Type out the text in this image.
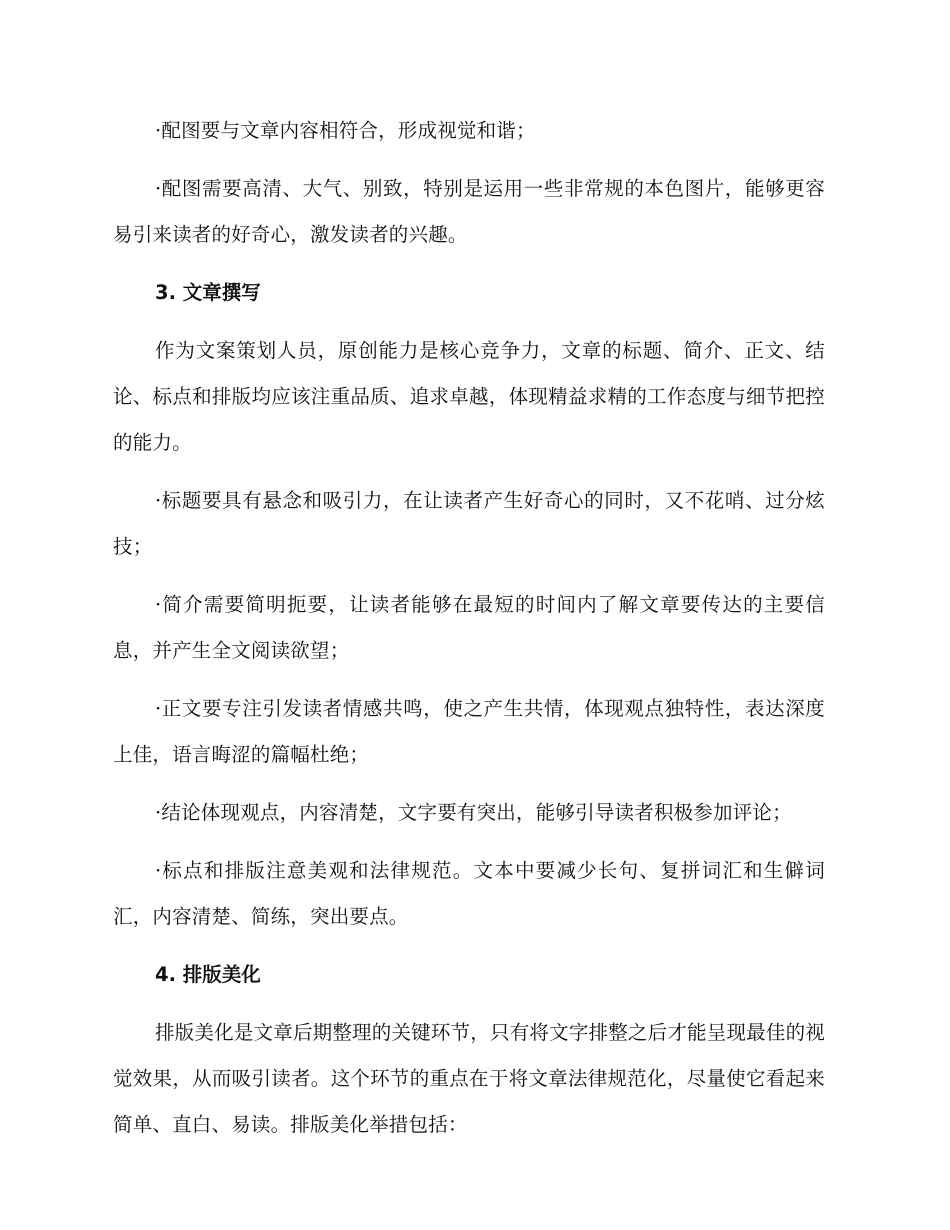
·配图要与文章内容相符合，形成视觉和谐；

·配图需要高清、大气、别致，特别是运用一些非常规的本色图片，能够更容易引来读者的好奇心，激发读者的兴趣。

3. 文章撰写

作为文案策划人员，原创能力是核心竞争力，文章的标题、简介、正文、结论、标点和排版均应该注重品质、追求卓越，体现精益求精的工作态度与细节把控的能力。

·标题要具有悬念和吸引力，在让读者产生好奇心的同时，又不花哨、过分炫技；

·简介需要简明扼要，让读者能够在最短的时间内了解文章要传达的主要信息，并产生全文阅读欲望；

·正文要专注引发读者情感共鸣，使之产生共情，体现观点独特性，表达深度上佳，语言晦涩的篇幅杜绝；

·结论体现观点，内容清楚，文字要有突出，能够引导读者积极参加评论；

·标点和排版注意美观和法律规范。文本中要减少长句、复拼词汇和生僻词汇，内容清楚、简练，突出要点。

4. 排版美化

排版美化是文章后期整理的关键环节，只有将文字排整之后才能呈现最佳的视觉效果，从而吸引读者。这个环节的重点在于将文章法律规范化，尽量使它看起来简单、直白、易读。排版美化举措包括：
